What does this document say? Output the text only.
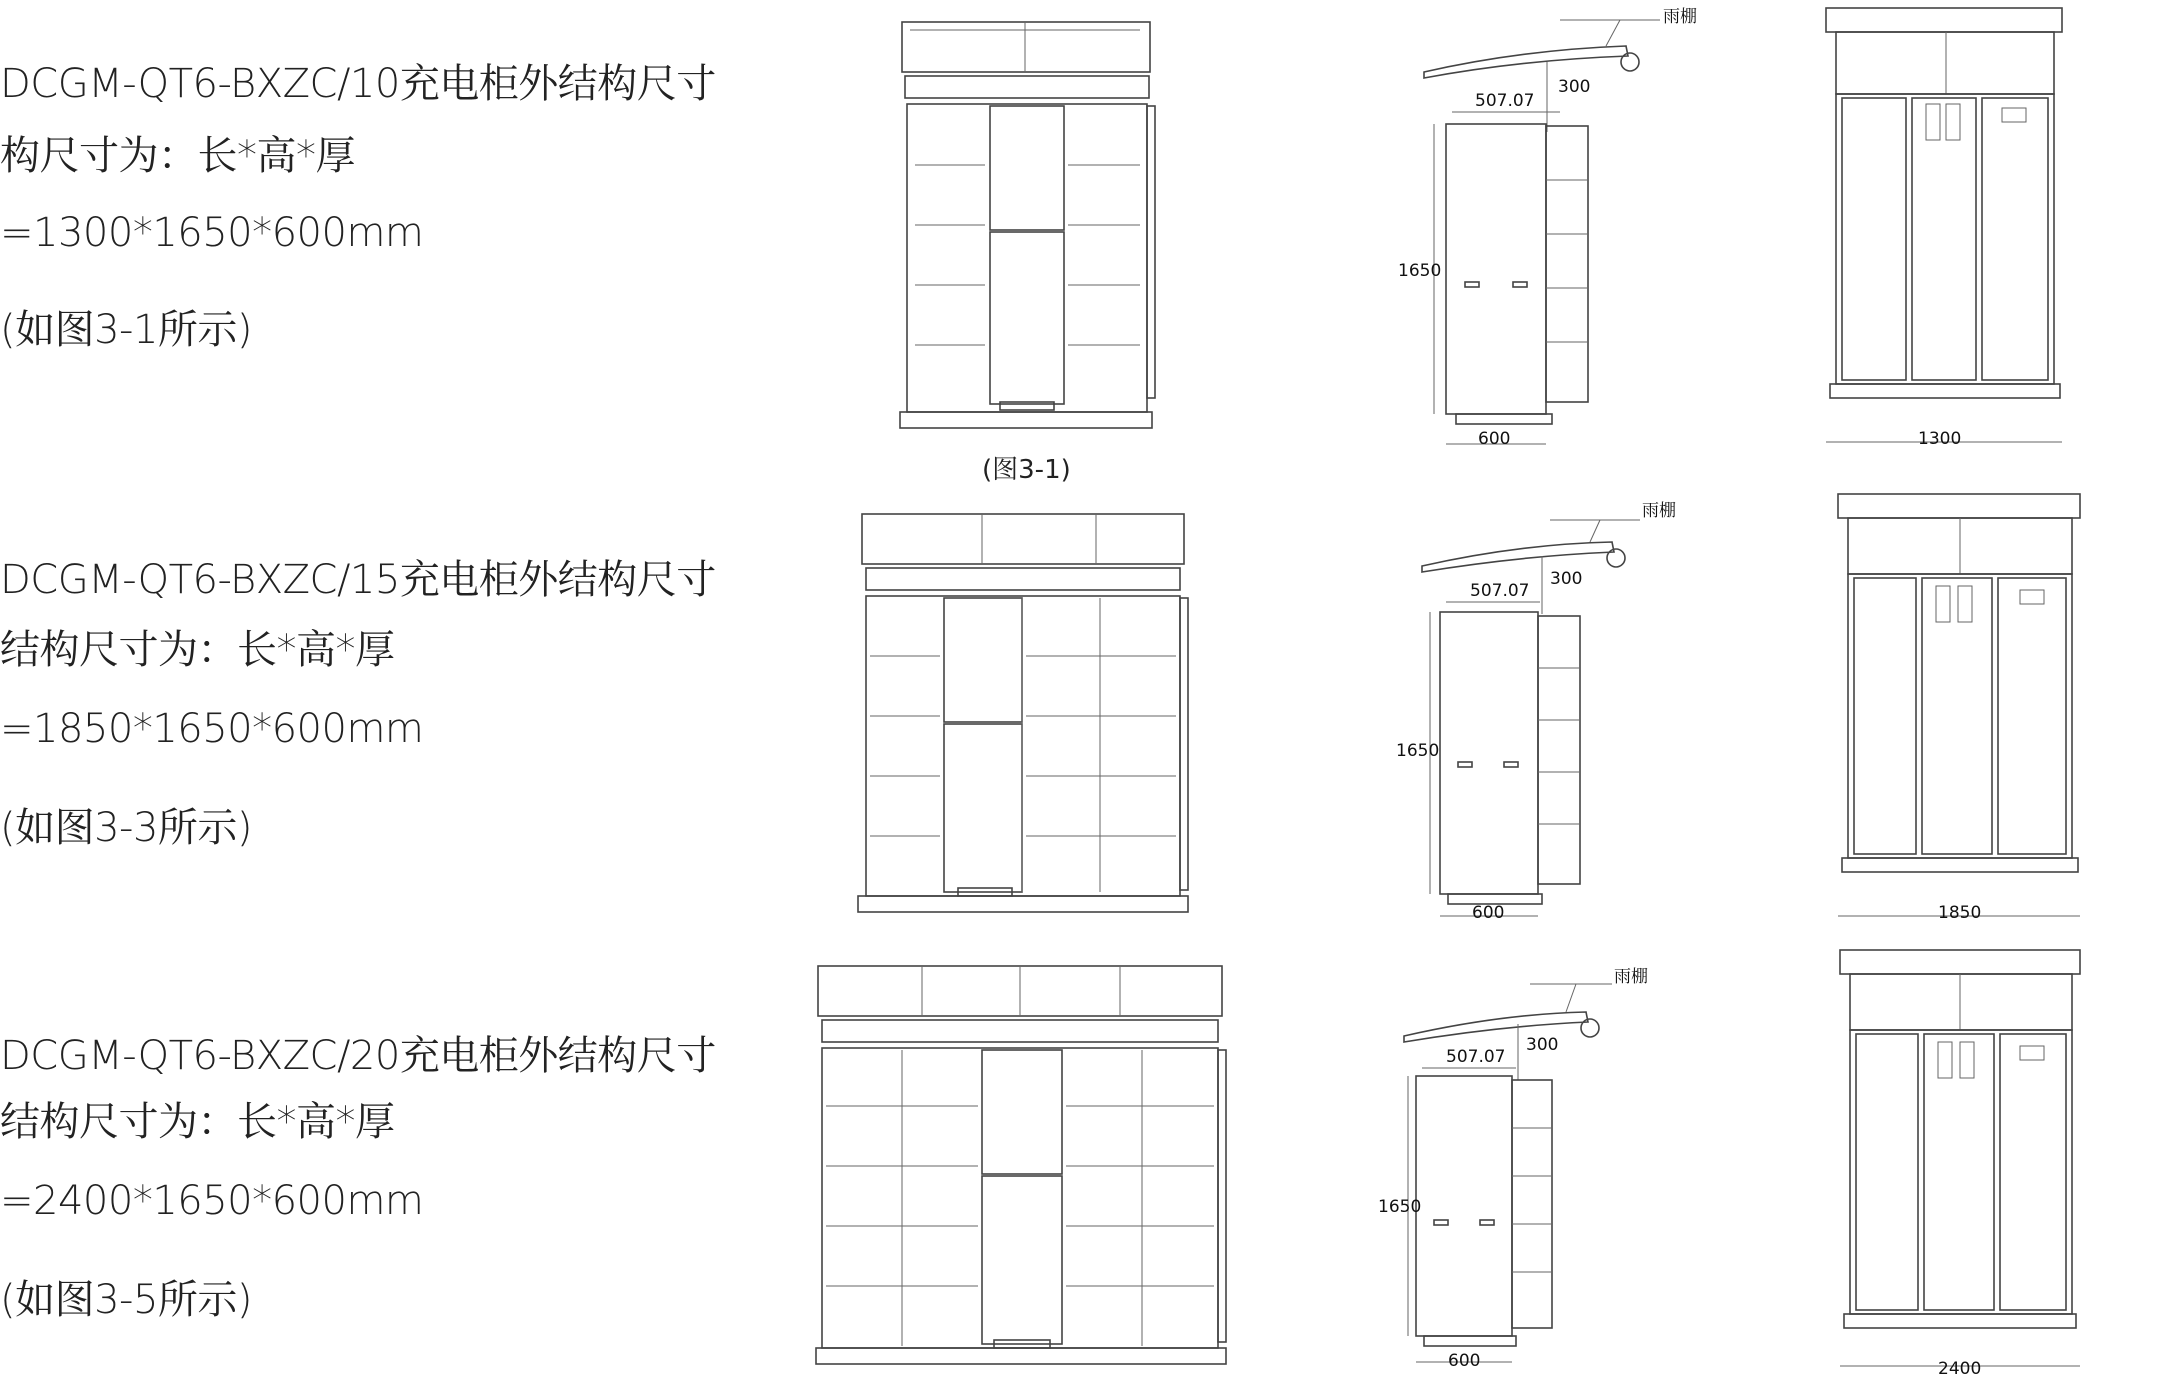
DCGM-QT6-BXZC/10充电柜外结构尺寸

构尺寸为：长*高*厚

=1300*1650*600mm

(如图3-1所示)

DCGM-QT6-BXZC/15充电柜外结构尺寸

结构尺寸为：长*高*厚

=1850*1650*600mm

(如图3-3所示)

DCGM-QT6-BXZC/20充电柜外结构尺寸

结构尺寸为：长*高*厚

=2400*1650*600mm

(如图3-5所示)

(图3-1)
雨棚
507.07
300
1650
600	1300
雨棚
507.07
300
1650
600	1850
雨棚
507.07
300
1650
600	2400
